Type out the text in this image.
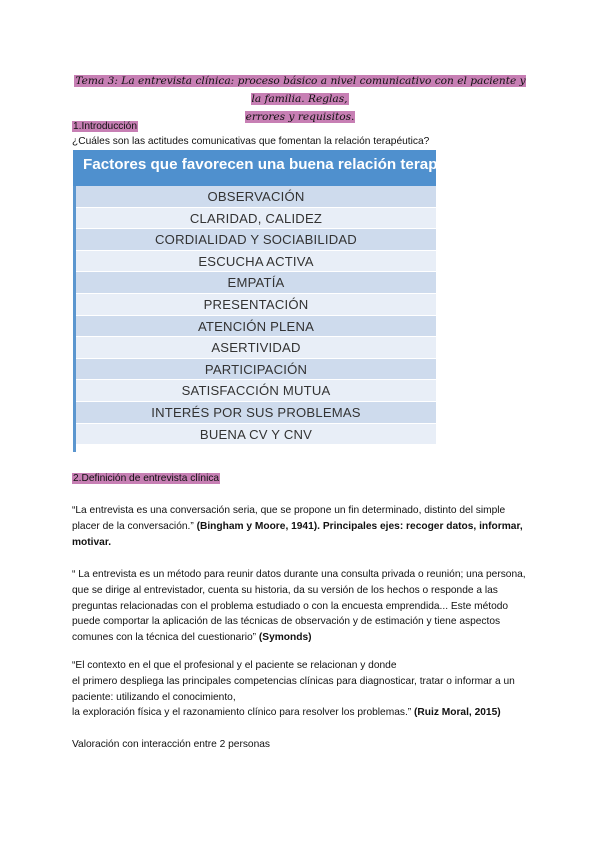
Tema 3: La entrevista clínica: proceso básico a nivel comunicativo con el paciente y la familia. Reglas,
errores y requisitos.
1.Introducción
¿Cuáles son las actitudes comunicativas que fomentan la relación terapéutica?
Factores que favorecen una buena relación terapéutica
OBSERVACIÓN
CLARIDAD, CALIDEZ
CORDIALIDAD Y SOCIABILIDAD
ESCUCHA ACTIVA
EMPATÍA
PRESENTACIÓN
ATENCIÓN PLENA
ASERTIVIDAD
PARTICIPACIÓN
SATISFACCIÓN MUTUA
INTERÉS POR SUS PROBLEMAS
BUENA CV Y CNV
2.Definición de entrevista clínica
“La entrevista es una conversación seria, que se propone un fin determinado, distinto del simple
placer de la conversación.” (Bingham y Moore, 1941). Principales ejes: recoger datos, informar,
motivar.
“ La entrevista es un método para reunir datos durante una consulta privada o reunión; una persona,
que se dirige al entrevistador, cuenta su historia, da su versión de los hechos o responde a las
preguntas relacionadas con el problema estudiado o con la encuesta emprendida... Este método
puede comportar la aplicación de las técnicas de observación y de estimación y tiene aspectos
comunes con la técnica del cuestionario” (Symonds)
“El contexto en el que el profesional y el paciente se relacionan y donde
el primero despliega las principales competencias clínicas para diagnosticar, tratar o informar a un
paciente: utilizando el conocimiento,
la exploración física y el razonamiento clínico para resolver los problemas.” (Ruiz Moral, 2015)
Valoración con interacción entre 2 personas
